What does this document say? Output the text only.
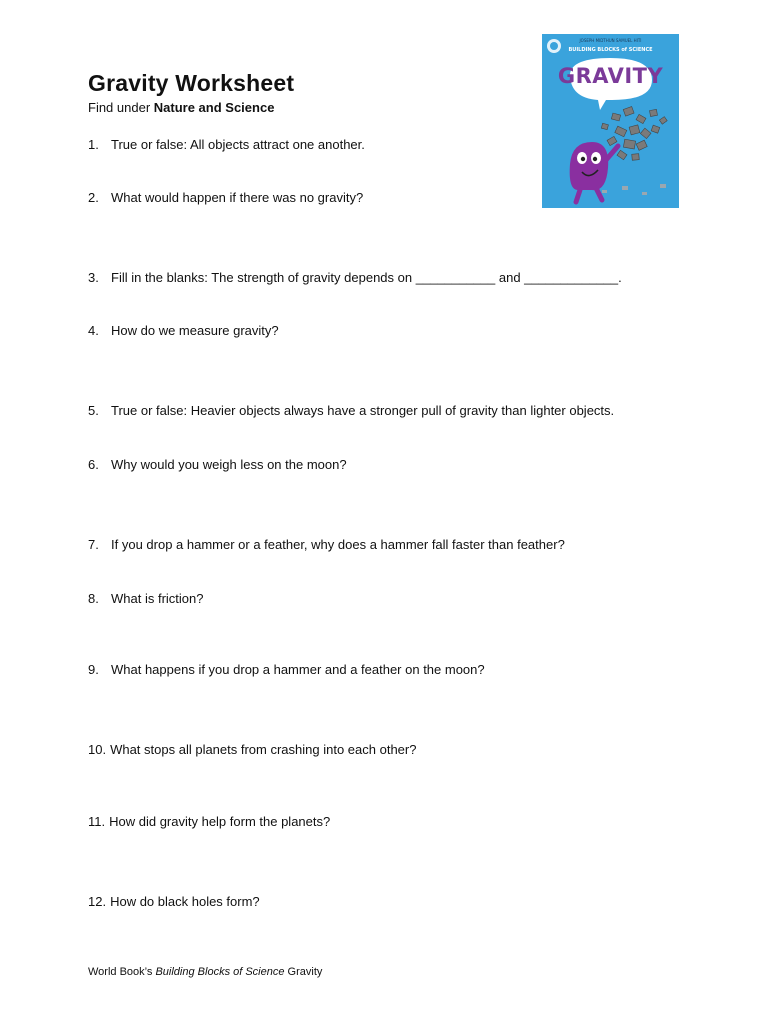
Gravity Worksheet
Find under Nature and Science
JOSEPH MIDTHUN SAMUEL HITI
BUILDING BLOCKS of SCIENCE
GRAVITY
1. True or false: All objects attract one another.
2. What would happen if there was no gravity?
3. Fill in the blanks: The strength of gravity depends on ___________ and _____________.
4. How do we measure gravity?
5. True or false: Heavier objects always have a stronger pull of gravity than lighter objects.
6. Why would you weigh less on the moon?
7. If you drop a hammer or a feather, why does a hammer fall faster than feather?
8. What is friction?
9. What happens if you drop a hammer and a feather on the moon?
10. What stops all planets from crashing into each other?
11. How did gravity help form the planets?
12. How do black holes form?
World Book’s Building Blocks of Science Gravity
